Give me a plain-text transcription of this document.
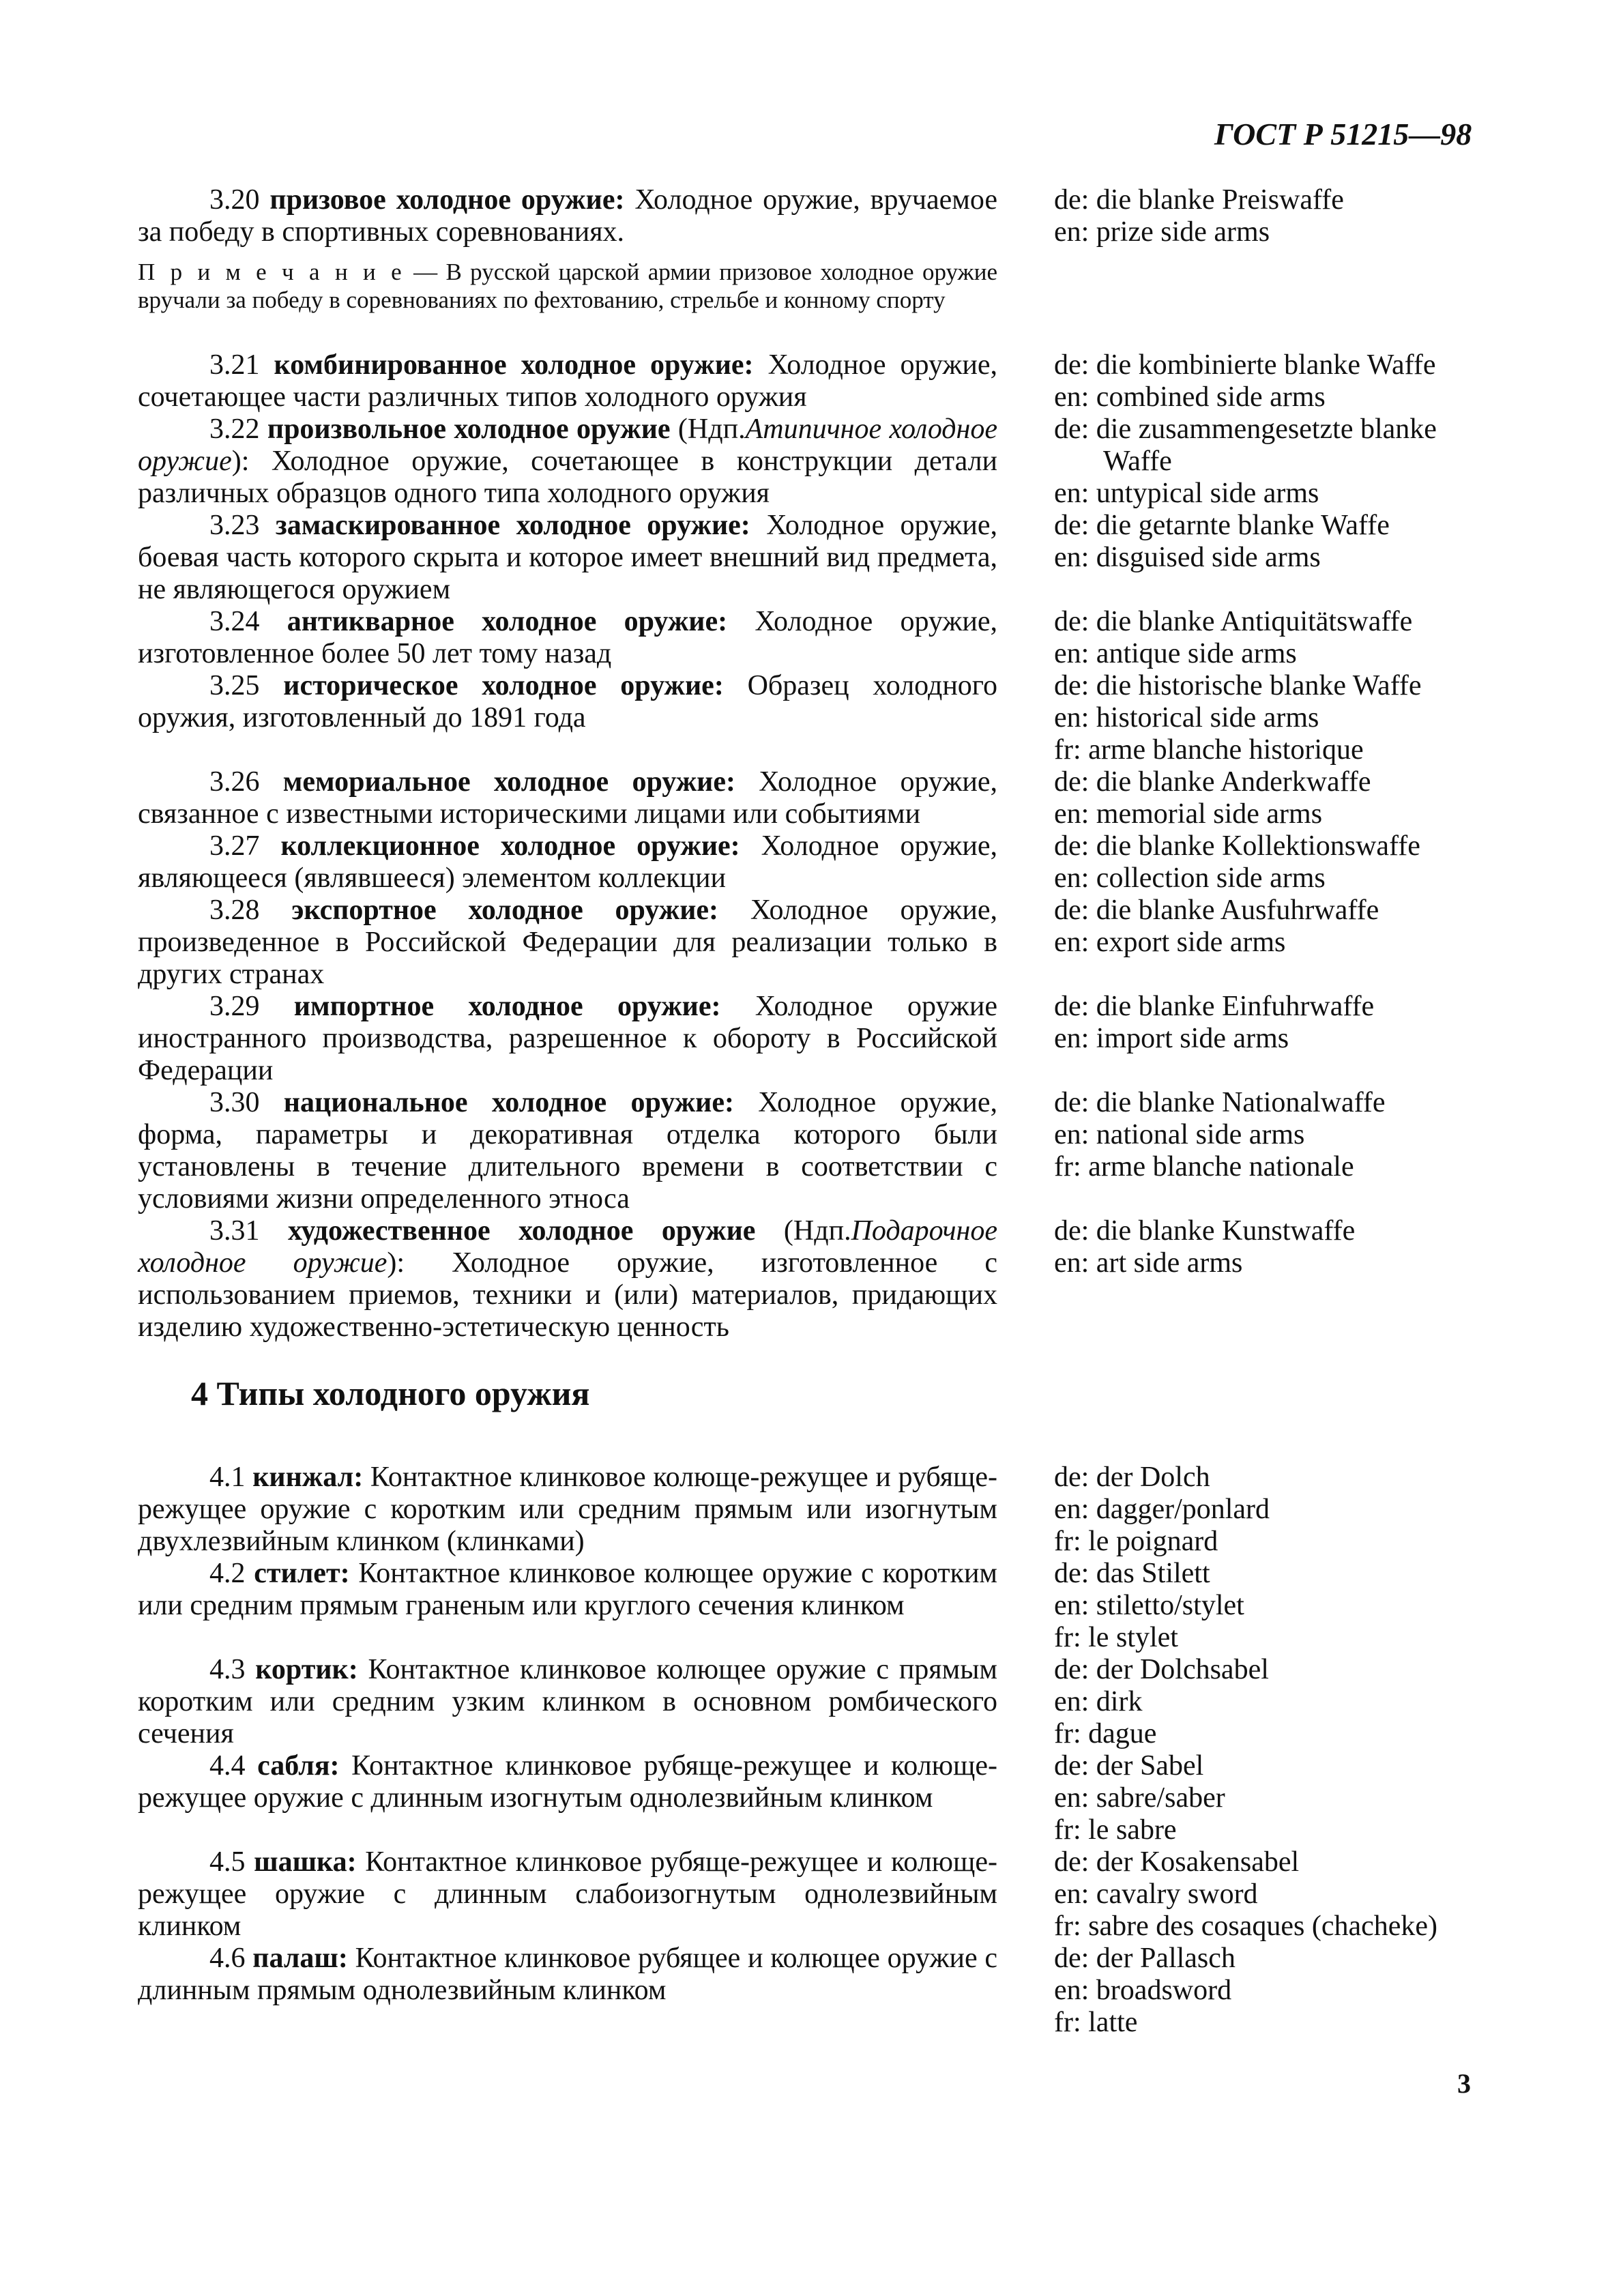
ГОСТ Р 51215—98
3.20 призовое холодное оружие: Холодное оружие, вручаемое за победу в спортивных соревнованиях.
de: die blanke Preiswaffe
en: prize side arms
П р и м е ч а н и е — В русской царской армии призовое холодное оружие вручали за победу в соревнованиях по фехтованию, стрельбе и конному спорту
3.21 комбинированное холодное оружие: Холодное оружие, сочетающее части различных типов холодного оружия
de: die kombinierte blanke Waffe
en: combined side arms
3.22 произвольное холодное оружие (Ндп.Атипичное холодное оружие): Холодное оружие, сочетающее в конструкции детали различных образцов одного типа холодного оружия
de: die zusammengesetzte blanke Waffe
en: untypical side arms
3.23 замаскированное холодное оружие: Холодное оружие, боевая часть которого скрыта и которое имеет внешний вид предмета, не являющегося оружием
de: die getarnte blanke Waffe
en: disguised side arms
3.24 антикварное холодное оружие: Холодное оружие, изготовленное более 50 лет тому назад
de: die blanke Antiquitätswaffe
en: antique side arms
3.25 историческое холодное оружие: Образец холодного оружия, изготовленный до 1891 года
de: die historische blanke Waffe
en: historical side arms
fr: arme blanche historique
3.26 мемориальное холодное оружие: Холодное оружие, связанное с известными историческими лицами или событиями
de: die blanke Anderkwaffe
en: memorial side arms
3.27 коллекционное холодное оружие: Холодное оружие, являющееся (являвшееся) элементом коллекции
de: die blanke Kollektionswaffe
en: collection side arms
3.28 экспортное холодное оружие: Холодное оружие, произведенное в Российской Федерации для реализации только в других странах
de: die blanke Ausfuhrwaffe
en: export side arms
3.29 импортное холодное оружие: Холодное оружие иностранного производства, разрешенное к обороту в Российской Федерации
de: die blanke Einfuhrwaffe
en: import side arms
3.30 национальное холодное оружие: Холодное оружие, форма, параметры и декоративная отделка которого были установлены в течение длительного времени в соответствии с условиями жизни определенного этноса
de: die blanke Nationalwaffe
en: national side arms
fr: arme blanche nationale
3.31 художественное холодное оружие (Ндп.Подарочное холодное оружие): Холодное оружие, изготовленное с использованием приемов, техники и (или) материалов, придающих изделию художественно-эстетическую ценность
de: die blanke Kunstwaffe
en: art side arms
4 Типы холодного оружия
4.1 кинжал: Контактное клинковое колюще-режущее и рубяще-режущее оружие с коротким или средним прямым или изогнутым двухлезвийным клинком (клинками)
de: der Dolch
en: dagger/ponlard
fr: le poignard
4.2 стилет: Контактное клинковое колющее оружие с коротким или средним прямым граненым или круглого сечения клинком
de: das Stilett
en: stiletto/stylet
fr: le stylet
4.3 кортик: Контактное клинковое колющее оружие с прямым коротким или средним узким клинком в основном ромбического сечения
de: der Dolchsabel
en: dirk
fr: dague
4.4 сабля: Контактное клинковое рубяще-режущее и колюще-режущее оружие с длинным изогнутым однолезвийным клинком
de: der Sabel
en: sabre/saber
fr: le sabre
4.5 шашка: Контактное клинковое рубяще-режущее и колюще-режущее оружие с длинным слабоизогнутым однолезвийным клинком
de: der Kosakensabel
en: cavalry sword
fr: sabre des cosaques (chacheke)
4.6 палаш: Контактное клинковое рубящее и колющее оружие с длинным прямым однолезвийным клинком
de: der Pallasch
en: broadsword
fr: latte
3
